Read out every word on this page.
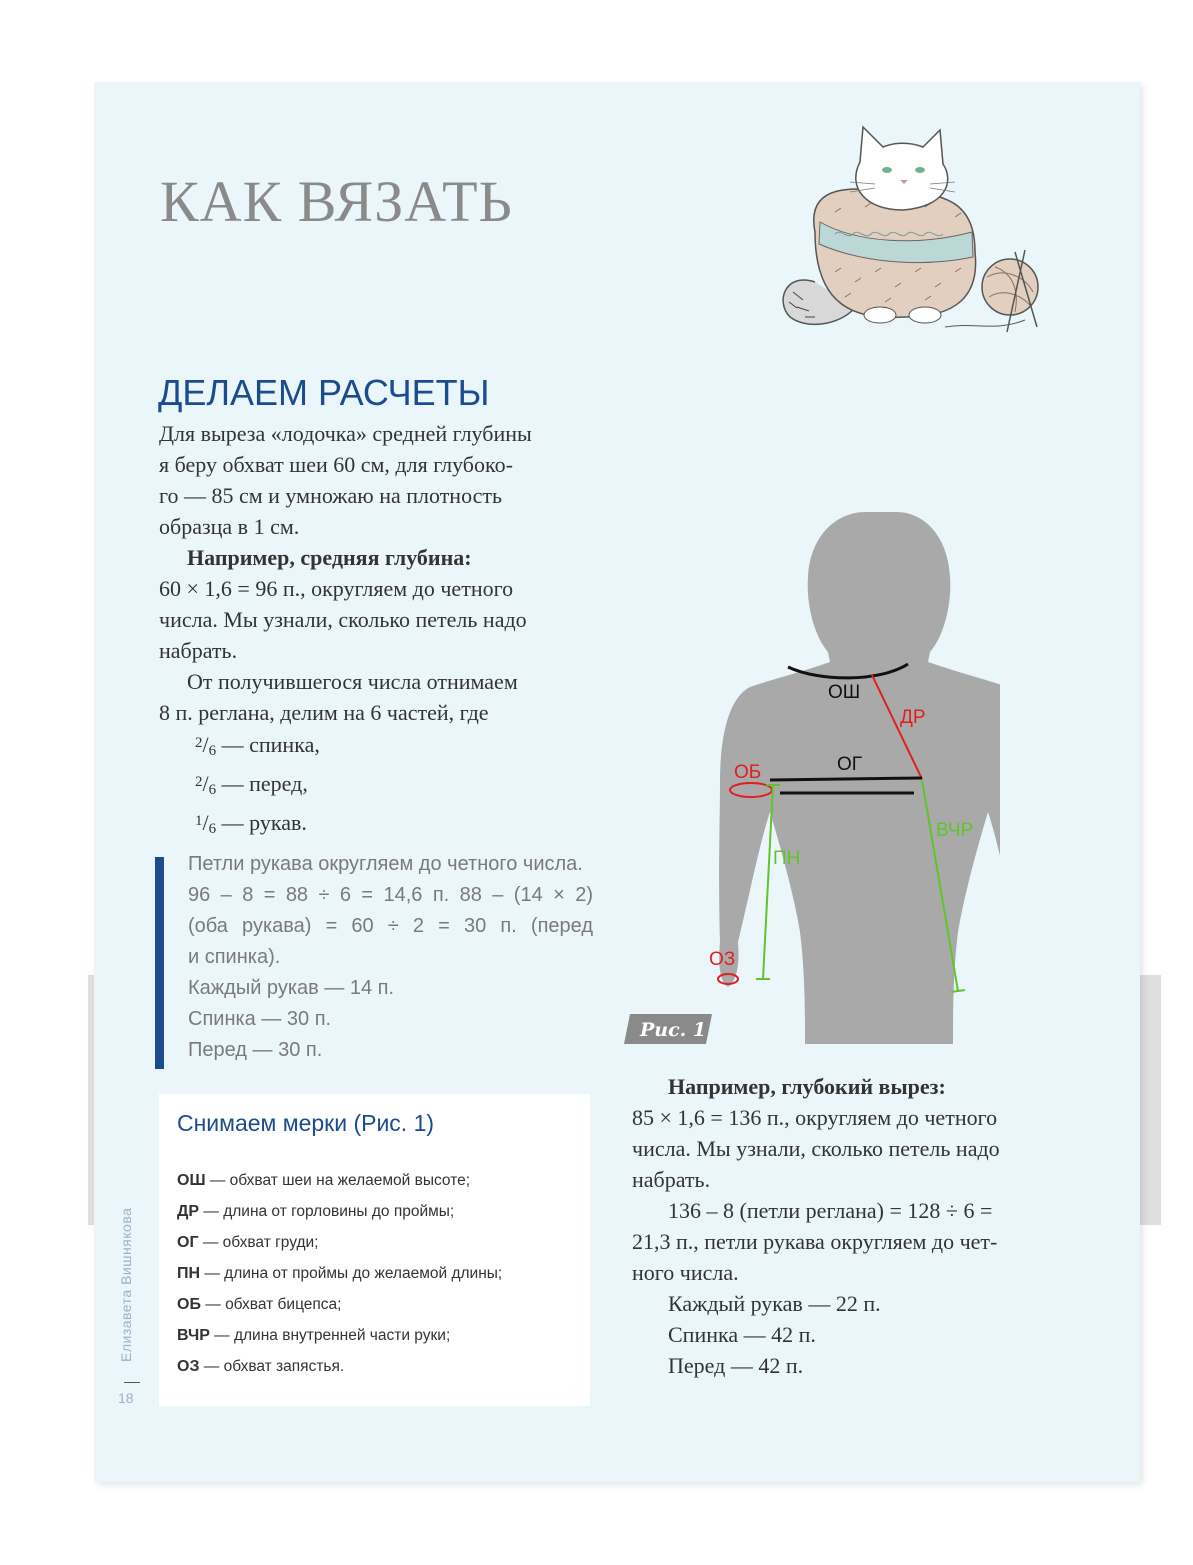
КАК ВЯЗАТЬ
ДЕЛАЕМ РАСЧЕТЫ

Для выреза «лодочка» средней глубины

я беру обхват шеи 60 см, для глубоко-

го — 85 см и умножаю на плотность

образца в 1 см.

Например, средняя глубина:

60 × 1,6 = 96 п., округляем до четного

числа. Мы узнали, сколько петель надо

набрать.

От получившегося числа отнимаем

8 п. реглана, делим на 6 частей, где

$^2$/6 — спинка,

$^2$/6 — перед,

$^1$/6 — рукав.

Петли рукава округляем до четного числа.

96 – 8 = 88 ÷ 6 = 14,6 п. 88 – (14 × 2)

(оба рукава) = 60 ÷ 2 = 30 п. (перед

и спинка).

Каждый рукав — 14 п.

Спинка — 30 п.

Перед — 30 п.

Снимаем мерки (Рис. 1)

ОШ — обхват шеи на желаемой высоте;

ДР — длина от горловины до проймы;

ОГ — обхват груди;

ПН — длина от проймы до желаемой длины;

ОБ — обхват бицепса;

ВЧР — длина внутренней части руки;

ОЗ — обхват запястья.

ОШ
ДР
ОГ
ОБ
ПН
ВЧР
ОЗ
Рис. 1

Например, глубокий вырез:

85 × 1,6 = 136 п., округляем до четного

числа. Мы узнали, сколько петель надо

набрать.

136 – 8 (петли реглана) = 128 ÷ 6 =

21,3 п., петли рукава округляем до чет-

ного числа.

Каждый рукав — 22 п.

Спинка — 42 п.

Перед — 42 п.

Елизавета Вишнякова
18
